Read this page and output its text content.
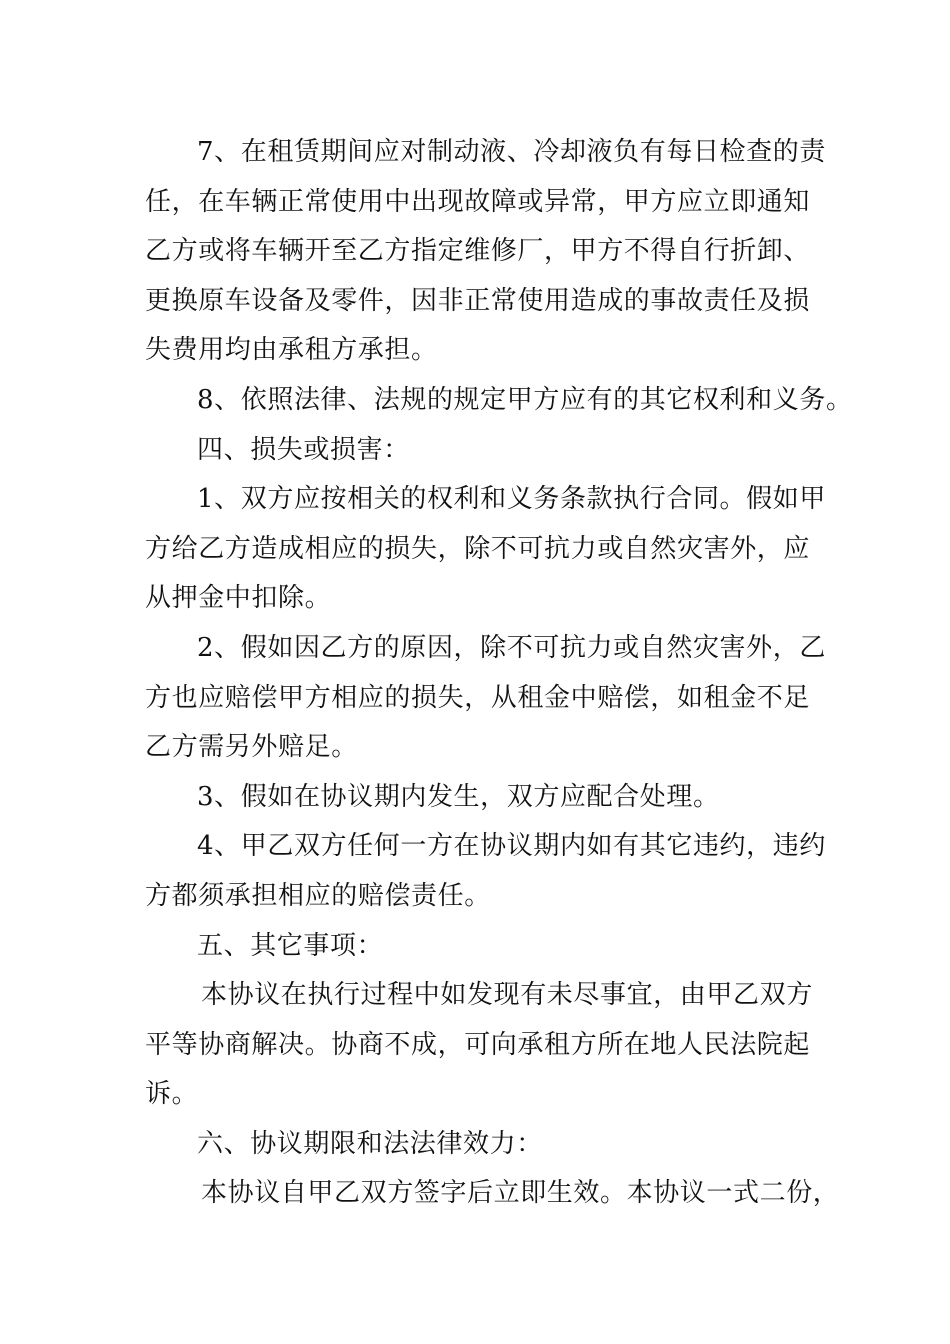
7、在租赁期间应对制动液、冷却液负有每日检查的责
任，在车辆正常使用中出现故障或异常，甲方应立即通知
乙方或将车辆开至乙方指定维修厂，甲方不得自行折卸、
更换原车设备及零件，因非正常使用造成的事故责任及损
失费用均由承租方承担。
8、依照法律、法规的规定甲方应有的其它权利和义务。
四、损失或损害：
1、双方应按相关的权利和义务条款执行合同。假如甲
方给乙方造成相应的损失，除不可抗力或自然灾害外，应
从押金中扣除。
2、假如因乙方的原因，除不可抗力或自然灾害外，乙
方也应赔偿甲方相应的损失，从租金中赔偿，如租金不足
乙方需另外赔足。
3、假如在协议期内发生，双方应配合处理。
4、甲乙双方任何一方在协议期内如有其它违约，违约
方都须承担相应的赔偿责任。
五、其它事项：
本协议在执行过程中如发现有未尽事宜，由甲乙双方
平等协商解决。协商不成，可向承租方所在地人民法院起
诉。
六、协议期限和法法律效力：
本协议自甲乙双方签字后立即生效。本协议一式二份，
